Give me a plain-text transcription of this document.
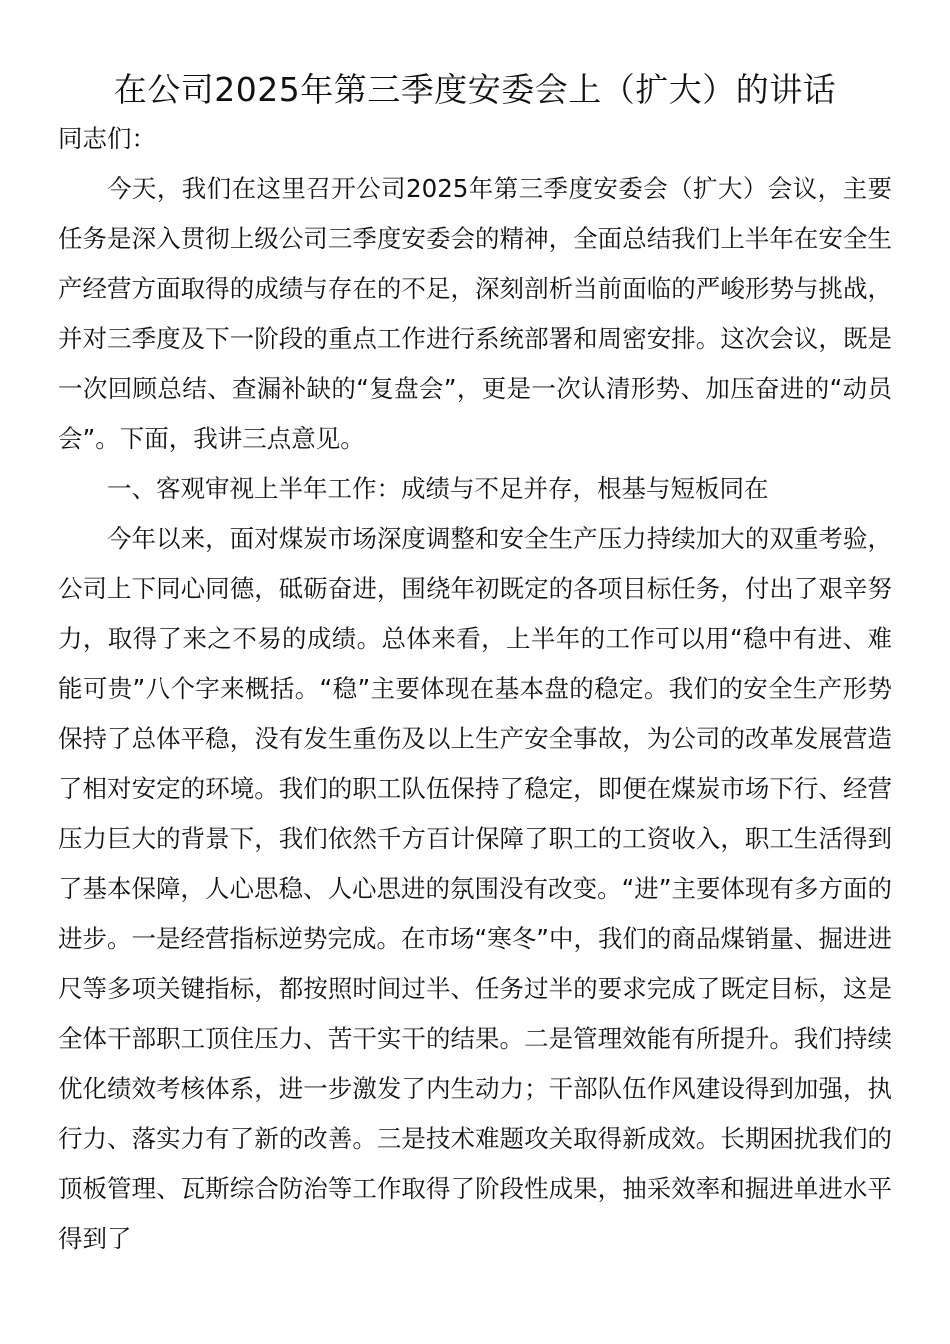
在公司2025年第三季度安委会上（扩大）的讲话

同志们：

今天，我们在这里召开公司2025年第三季度安委会（扩大）会议，主要任务是深入贯彻上级公司三季度安委会的精神，全面总结我们上半年在安全生产经营方面取得的成绩与存在的不足，深刻剖析当前面临的严峻形势与挑战，并对三季度及下一阶段的重点工作进行系统部署和周密安排。这次会议，既是一次回顾总结、查漏补缺的“复盘会”，更是一次认清形势、加压奋进的“动员会”。下面，我讲三点意见。

一、客观审视上半年工作：成绩与不足并存，根基与短板同在

今年以来，面对煤炭市场深度调整和安全生产压力持续加大的双重考验，公司上下同心同德，砥砺奋进，围绕年初既定的各项目标任务，付出了艰辛努力，取得了来之不易的成绩。总体来看，上半年的工作可以用“稳中有进、难能可贵”八个字来概括。“稳”主要体现在基本盘的稳定。我们的安全生产形势保持了总体平稳，没有发生重伤及以上生产安全事故，为公司的改革发展营造了相对安定的环境。我们的职工队伍保持了稳定，即便在煤炭市场下行、经营压力巨大的背景下，我们依然千方百计保障了职工的工资收入，职工生活得到了基本保障，人心思稳、人心思进的氛围没有改变。“进”主要体现有多方面的进步。一是经营指标逆势完成。在市场“寒冬”中，我们的商品煤销量、掘进进尺等多项关键指标，都按照时间过半、任务过半的要求完成了既定目标，这是全体干部职工顶住压力、苦干实干的结果。二是管理效能有所提升。我们持续优化绩效考核体系，进一步激发了内生动力；干部队伍作风建设得到加强，执行力、落实力有了新的改善。三是技术难题攻关取得新成效。长期困扰我们的顶板管理、瓦斯综合防治等工作取得了阶段性成果，抽采效率和掘进单进水平得到了
